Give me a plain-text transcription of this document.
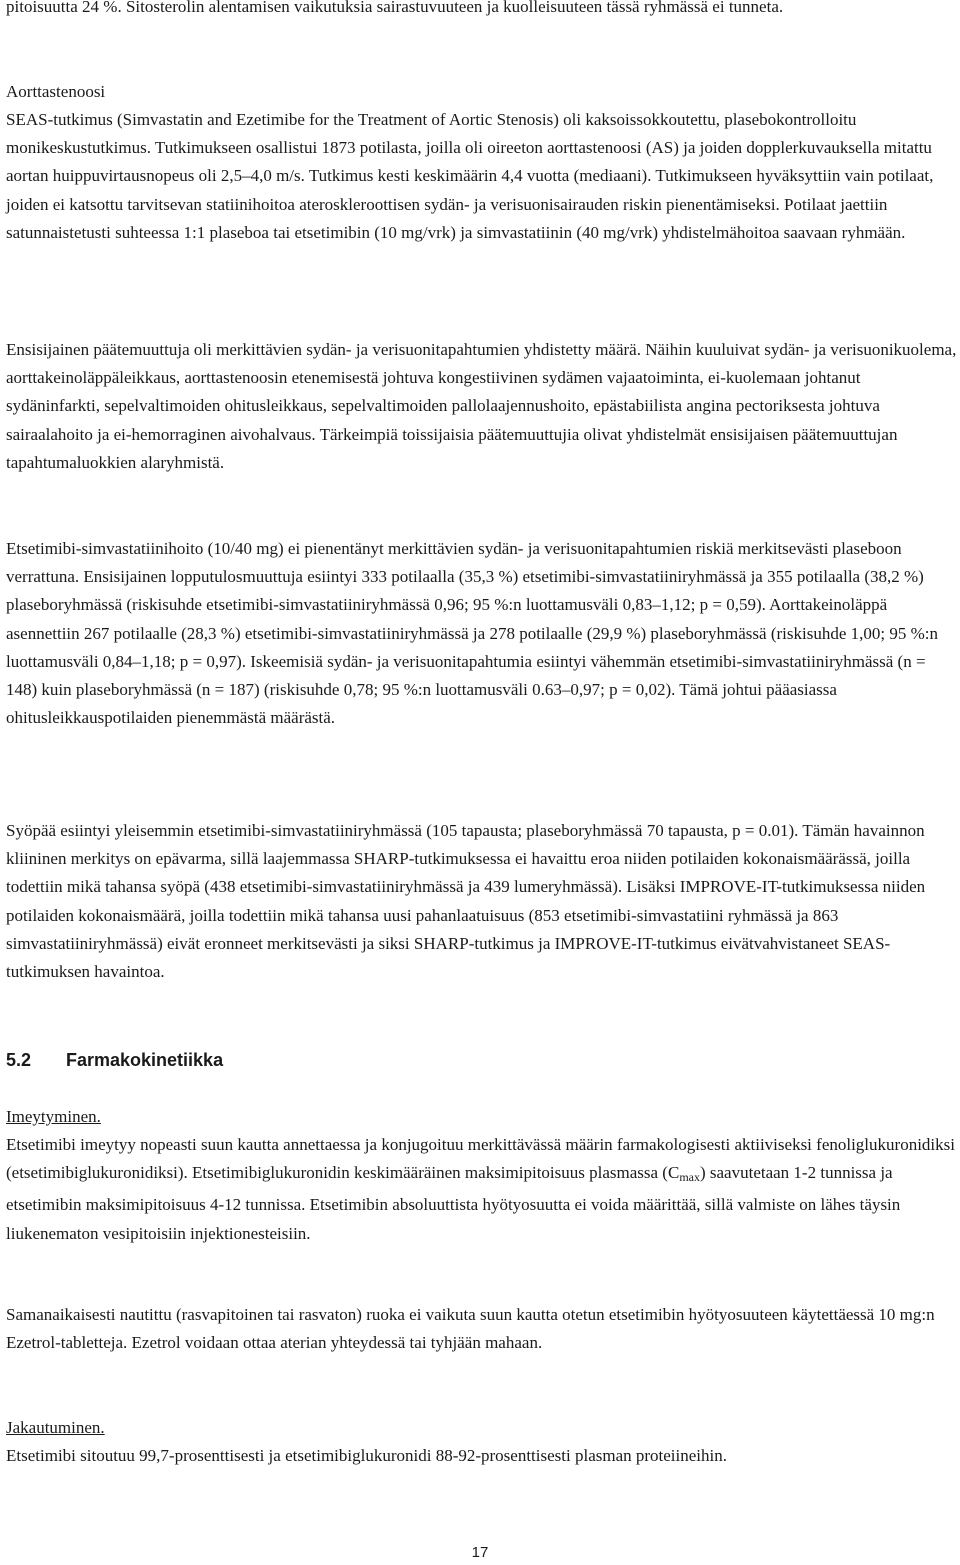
pitoisuutta 24 %. Sitosterolin alentamisen vaikutuksia sairastuvuuteen ja kuolleisuuteen tässä ryhmässä ei tunneta.

Aorttastenoosi

SEAS-tutkimus (Simvastatin and Ezetimibe for the Treatment of Aortic Stenosis) oli kaksoissokkoutettu, plasebokontrolloitu monikeskustutkimus. Tutkimukseen osallistui 1873 potilasta, joilla oli oireeton aorttastenoosi (AS) ja joiden dopplerkuvauksella mitattu aortan huippuvirtausnopeus oli 2,5–4,0 m/s. Tutkimus kesti keskimäärin 4,4 vuotta (mediaani). Tutkimukseen hyväksyttiin vain potilaat, joiden ei katsottu tarvitsevan statiinihoitoa ateroskleroottisen sydän- ja verisuonisairauden riskin pienentämiseksi. Potilaat jaettiin satunnaistetusti suhteessa 1:1 plaseboa tai etsetimibin (10 mg/vrk) ja simvastatiinin (40 mg/vrk) yhdistelmähoitoa saavaan ryhmään.

Ensisijainen päätemuuttuja oli merkittävien sydän- ja verisuonitapahtumien yhdistetty määrä. Näihin kuuluivat sydän- ja verisuonikuolema, aorttakeinoläppäleikkaus, aorttastenoosin etenemisestä johtuva kongestiivinen sydämen vajaatoiminta, ei-kuolemaan johtanut sydäninfarkti, sepelvaltimoiden ohitusleikkaus, sepelvaltimoiden pallolaajennushoito, epästabiilista angina pectoriksesta johtuva sairaalahoito ja ei-hemorraginen aivohalvaus. Tärkeimpiä toissijaisia päätemuuttujia olivat yhdistelmät ensisijaisen päätemuuttujan tapahtumaluokkien alaryhmistä.

Etsetimibi-simvastatiinihoito (10/40 mg) ei pienentänyt merkittävien sydän- ja verisuonitapahtumien riskiä merkitsevästi plaseboon verrattuna. Ensisijainen lopputulosmuuttuja esiintyi 333 potilaalla (35,3 %) etsetimibi-simvastatiiniryhmässä ja 355 potilaalla (38,2 %) plaseboryhmässä (riskisuhde etsetimibi-simvastatiiniryhmässä 0,96; 95 %:n luottamusväli 0,83–1,12; p = 0,59). Aorttakeinoläppä asennettiin 267 potilaalle (28,3 %) etsetimibi-simvastatiiniryhmässä ja 278 potilaalle (29,9 %) plaseboryhmässä (riskisuhde 1,00; 95 %:n luottamusväli 0,84–1,18; p = 0,97). Iskeemisiä sydän- ja verisuonitapahtumia esiintyi vähemmän etsetimibi-simvastatiiniryhmässä (n = 148) kuin plaseboryhmässä (n = 187) (riskisuhde 0,78; 95 %:n luottamusväli 0.63–0,97; p = 0,02). Tämä johtui pääasiassa ohitusleikkauspotilaiden pienemmästä määrästä.

Syöpää esiintyi yleisemmin etsetimibi-simvastatiiniryhmässä (105 tapausta; plaseboryhmässä 70 tapausta, p = 0.01). Tämän havainnon kliininen merkitys on epävarma, sillä laajemmassa SHARP-tutkimuksessa ei havaittu eroa niiden potilaiden kokonaismäärässä, joilla todettiin mikä tahansa syöpä (438 etsetimibi-simvastatiiniryhmässä ja 439 lumeryhmässä). Lisäksi IMPROVE-IT-tutkimuksessa niiden potilaiden kokonaismäärä, joilla todettiin mikä tahansa uusi pahanlaatuisuus (853 etsetimibi-simvastatiini ryhmässä ja 863 simvastatiiniryhmässä) eivät eronneet merkitsevästi ja siksi SHARP-tutkimus ja IMPROVE-IT-tutkimus eivätvahvistaneet SEAS-tutkimuksen havaintoa.

5.2 Farmakokinetiikka

Imeytyminen.

Etsetimibi imeytyy nopeasti suun kautta annettaessa ja konjugoituu merkittävässä määrin farmakologisesti aktiiviseksi fenoliglukuronidiksi (etsetimibiglukuronidiksi). Etsetimibiglukuronidin keskimääräinen maksimipitoisuus plasmassa $(C_{max})$ saavutetaan 1-2 tunnissa ja etsetimibin maksimipitoisuus 4-12 tunnissa. Etsetimibin absoluuttista hyötyosuutta ei voida määrittää, sillä valmiste on lähes täysin liukenematon vesipitoisiin injektionesteisiin.

Samanaikaisesti nautittu (rasvapitoinen tai rasvaton) ruoka ei vaikuta suun kautta otetun etsetimibin hyötyosuuteen käytettäessä 10 mg:n Ezetrol-tabletteja. Ezetrol voidaan ottaa aterian yhteydessä tai tyhjään mahaan.

Jakautuminen.

Etsetimibi sitoutuu 99,7-prosenttisesti ja etsetimibiglukuronidi 88-92-prosenttisesti plasman proteiineihin.

17
